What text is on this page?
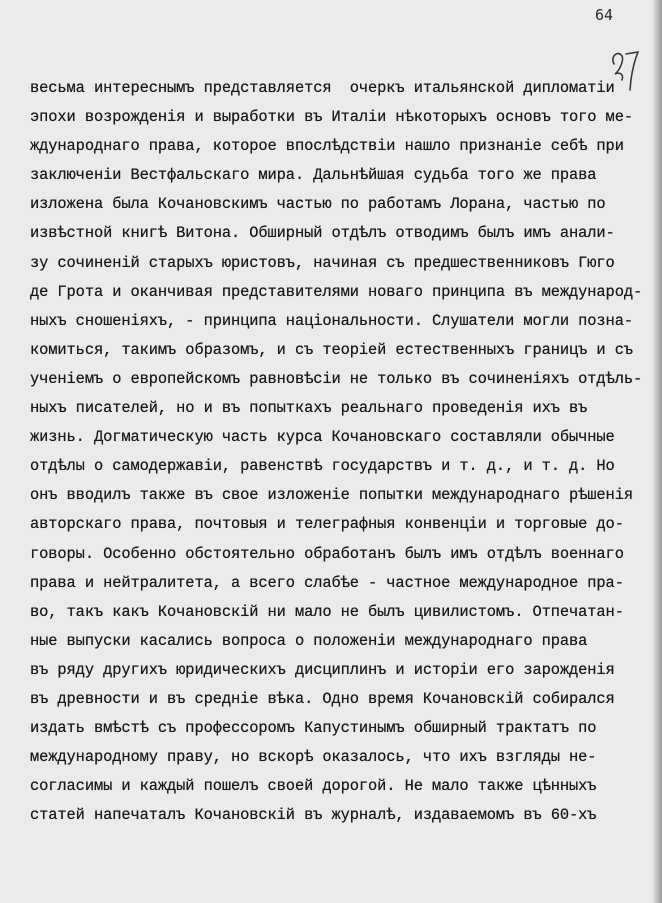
64
весьма интереснымъ представляется  очеркъ итальянской дипломатіи
эпохи возрожденія и выработки въ Италіи нѣкоторыхъ основъ того ме-
ждународнаго права, которое впослѣдствіи нашло признаніе себѣ при
заключеніи Вестфальскаго мира. Дальнѣйшая судьба того же права
изложена была Кочановскимъ частью по работамъ Лорана, частью по
извѣстной книгѣ Витона. Обширный отдѣлъ отводимъ былъ имъ анали-
зу сочиненій старыхъ юристовъ, начиная съ предшественниковъ Гюго
де Грота и оканчивая представителями новаго принципа въ международ-
ныхъ сношеніяхъ, - принципа національности. Слушатели могли позна-
комиться, такимъ образомъ, и съ теоріей естественныхъ границъ и съ
ученіемъ о европейскомъ равновѣсіи не только въ сочиненіяхъ отдѣль-
ныхъ писателей, но и въ попыткахъ реальнаго проведенія ихъ въ
жизнь. Догматическую часть курса Кочановскаго составляли обычные
отдѣлы о самодержавіи, равенствѣ государствъ и т. д., и т. д. Но
онъ вводилъ также въ свое изложеніе попытки международнаго рѣшенія
авторскаго права, почтовыя и телеграфныя конвенціи и торговые до-
говоры. Особенно обстоятельно обработанъ былъ имъ отдѣлъ военнаго
права и нейтралитета, а всего слабѣе - частное международное пра-
во, такъ какъ Кочановскій ни мало не былъ цивилистомъ. Отпечатан-
ные выпуски касались вопроса о положеніи международнаго права
въ ряду другихъ юридическихъ дисциплинъ и исторіи его зарожденія
въ древности и въ средніе вѣка. Одно время Кочановскій собирался
издать вмѣстѣ съ профессоромъ Капустинымъ обширный трактатъ по
международному праву, но вскорѣ оказалось, что ихъ взгляды не-
согласимы и каждый пошелъ своей дорогой. Не мало также цѣнныхъ
статей напечаталъ Кочановскій въ журналѣ, издаваемомъ въ 60-хъ
